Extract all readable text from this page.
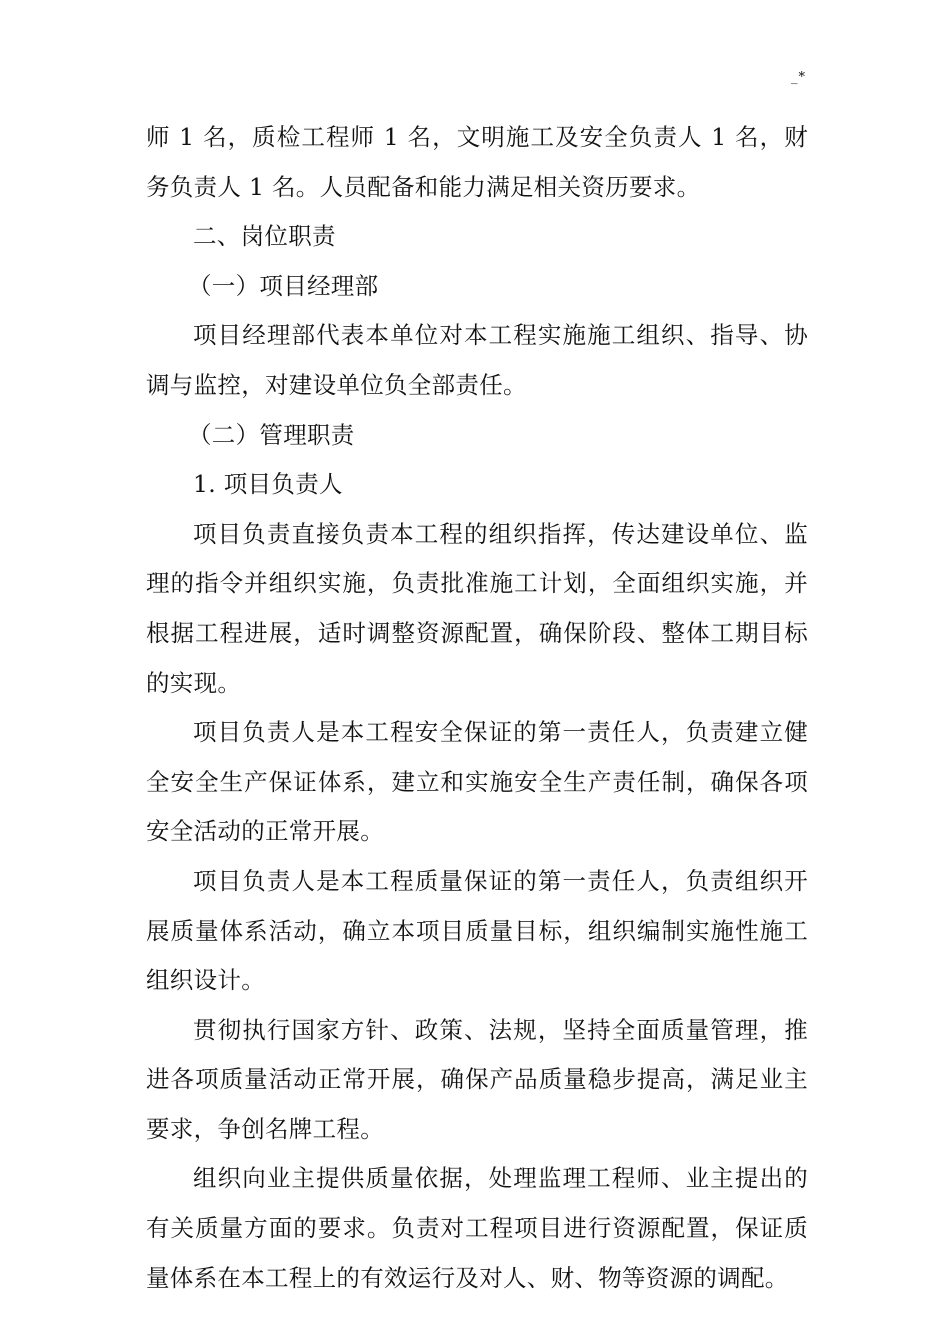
_*

师 1 名，质检工程师 1 名，文明施工及安全负责人 1 名，财务负责人 1 名。人员配备和能力满足相关资历要求。

二、岗位职责

（一）项目经理部

项目经理部代表本单位对本工程实施施工组织、指导、协调与监控，对建设单位负全部责任。

（二）管理职责

1. 项目负责人

项目负责直接负责本工程的组织指挥，传达建设单位、监理的指令并组织实施，负责批准施工计划，全面组织实施，并根据工程进展，适时调整资源配置，确保阶段、整体工期目标的实现。

项目负责人是本工程安全保证的第一责任人，负责建立健全安全生产保证体系，建立和实施安全生产责任制，确保各项安全活动的正常开展。

项目负责人是本工程质量保证的第一责任人，负责组织开展质量体系活动，确立本项目质量目标，组织编制实施性施工组织设计。

贯彻执行国家方针、政策、法规，坚持全面质量管理，推进各项质量活动正常开展，确保产品质量稳步提高，满足业主要求，争创名牌工程。

组织向业主提供质量依据，处理监理工程师、业主提出的有关质量方面的要求。负责对工程项目进行资源配置，保证质量体系在本工程上的有效运行及对人、财、物等资源的调配。
